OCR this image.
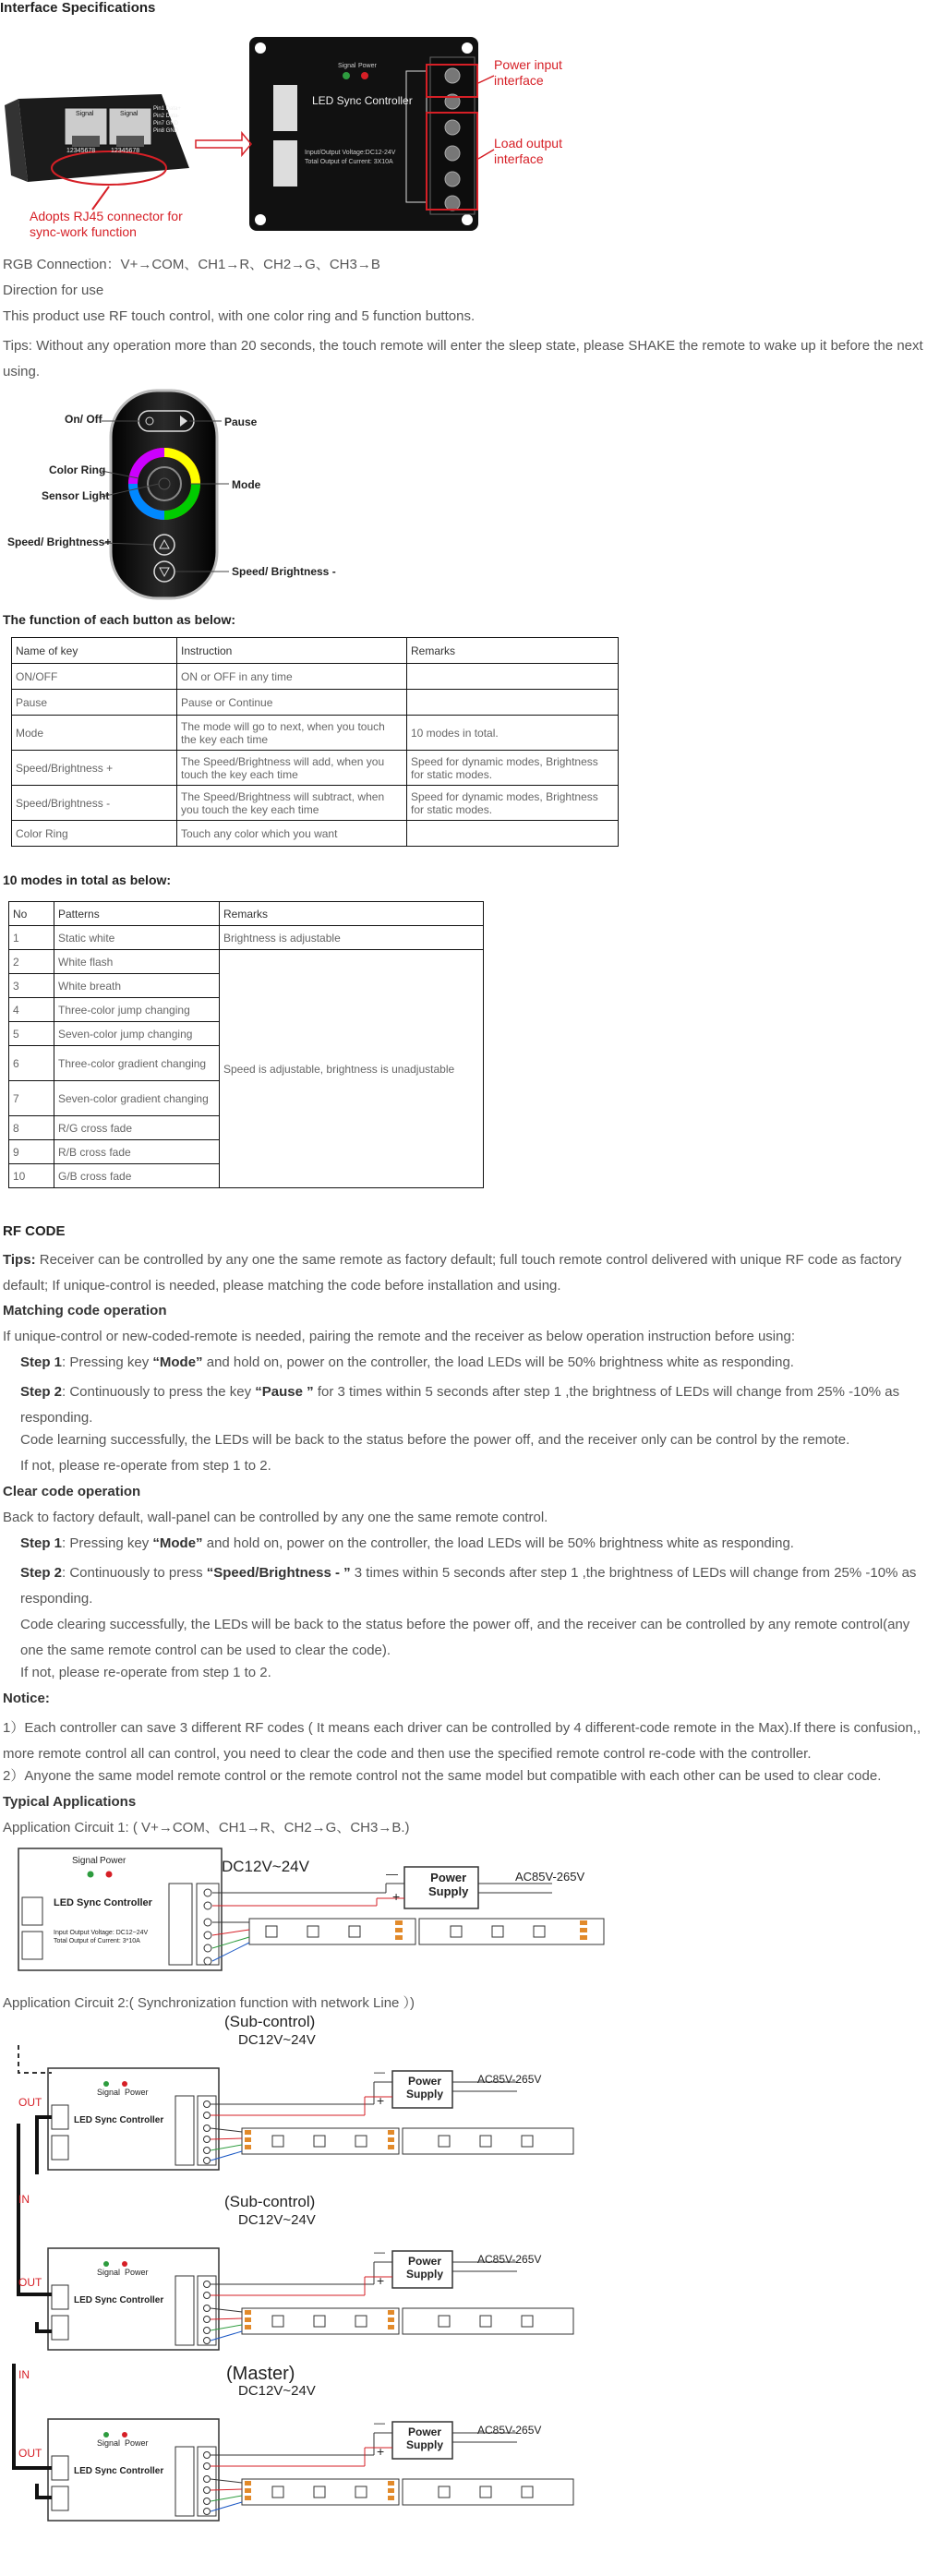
Interface Specifications
LED Sync Controller
Input/Output Voltage:DC12-24V
Total Output of Current: 3X10A
Signal Power
Signal	Signal
12345678 12345678
Pin1 Data+
Pin2 Data-
Pin7 GND
Pin8 GND
Adopts RJ45 connector for sync-work function
Power input interface
Load output interface
RGB Connection：V+→COM、CH1→R、CH2→G、CH3→B
Direction for use
This product use RF touch control, with one color ring and 5 function buttons.
Tips: Without any operation more than 20 seconds, the touch remote will enter the sleep state, please SHAKE the remote to wake up it before the next using.
On/ Off	Pause
Color Ring
Mode
Sensor Light
Speed/ Brightness+
Speed/ Brightness -
The function of each button as below:
Name of key	Instruction	Remarks
ON/OFF	ON or OFF in any time	
Pause	Pause or Continue	
Mode	The mode will go to next, when you touch the key each time	10 modes in total.
Speed/Brightness +	The Speed/Brightness will add, when you touch the key each time	Speed for dynamic modes, Brightness for static modes.
Speed/Brightness -	The Speed/Brightness will subtract, when you touch the key each time	Speed for dynamic modes, Brightness for static modes.
Color Ring	Touch any color which you want	
10 modes in total as below:
No	Patterns	Remarks
1	Static white	Brightness is adjustable
2	White flash	Speed is adjustable, brightness is unadjustable
3	White breath	
4	Three-color jump changing	
5	Seven-color jump changing	
6	Three-color gradient changing	
7	Seven-color gradient changing	
8	R/G cross fade	
9	R/B cross fade	
10	G/B cross fade	
RF CODE
Tips: Receiver can be controlled by any one the same remote as factory default; full touch remote control delivered with unique RF code as factory default; If unique-control is needed, please matching the code before installation and using.
Matching code operation
If unique-control or new-coded-remote is needed, pairing the remote and the receiver as below operation instruction before using:
Step 1: Pressing key “Mode” and hold on, power on the controller, the load LEDs will be 50% brightness white as responding.
Step 2: Continuously to press the key “Pause ” for 3 times within 5 seconds after step 1 ,the brightness of LEDs will change from 25% -10% as responding.
Code learning successfully, the LEDs will be back to the status before the power off, and the receiver only can be control by the remote.
If not, please re-operate from step 1 to 2.
Clear code operation
Back to factory default, wall-panel can be controlled by any one the same remote control.
Step 1: Pressing key “Mode” and hold on, power on the controller, the load LEDs will be 50% brightness white as responding.
Step 2: Continuously to press “Speed/Brightness - ” 3 times within 5 seconds after step 1 ,the brightness of LEDs will change from 25% -10% as responding.
Code clearing successfully, the LEDs will be back to the status before the power off, and the receiver can be controlled by any remote control(any one the same remote control can be used to clear the code).
If not, please re-operate from step 1 to 2.
Notice:
1）Each controller can save 3 different RF codes ( It means each driver can be controlled by 4 different-code remote in the Max).If there is confusion,, more remote control all can control, you need to clear the code and then use the specified remote control re-code with the controller.
2）Anyone the same model remote control or the remote control not the same model but compatible with each other can be used to clear code.
Typical Applications
Application Circuit 1: ( V+→COM、CH1→R、CH2→G、CH3→B.)
Signal Power
LED Sync Controller
Input Output Voltage: DC12~24V
Total Output of Current: 3*10A
DC12V~24V	—
+
Power
Supply
AC85V-265V
Application Circuit 2:( Synchronization function with network Line ）)
(Sub-control)
(Sub-control)
(Master)
OUT
IN
OUT
IN
OUT
Signal Power
Signal Power
Signal Power
LED Sync Controller
LED Sync Controller
LED Sync Controller
DC12V~24V
DC12V~24V
DC12V~24V
—
—
—
+
+
+
Power
Supply
Power
Supply
Power
Supply
AC85V-265V
AC85V-265V
AC85V-265V
